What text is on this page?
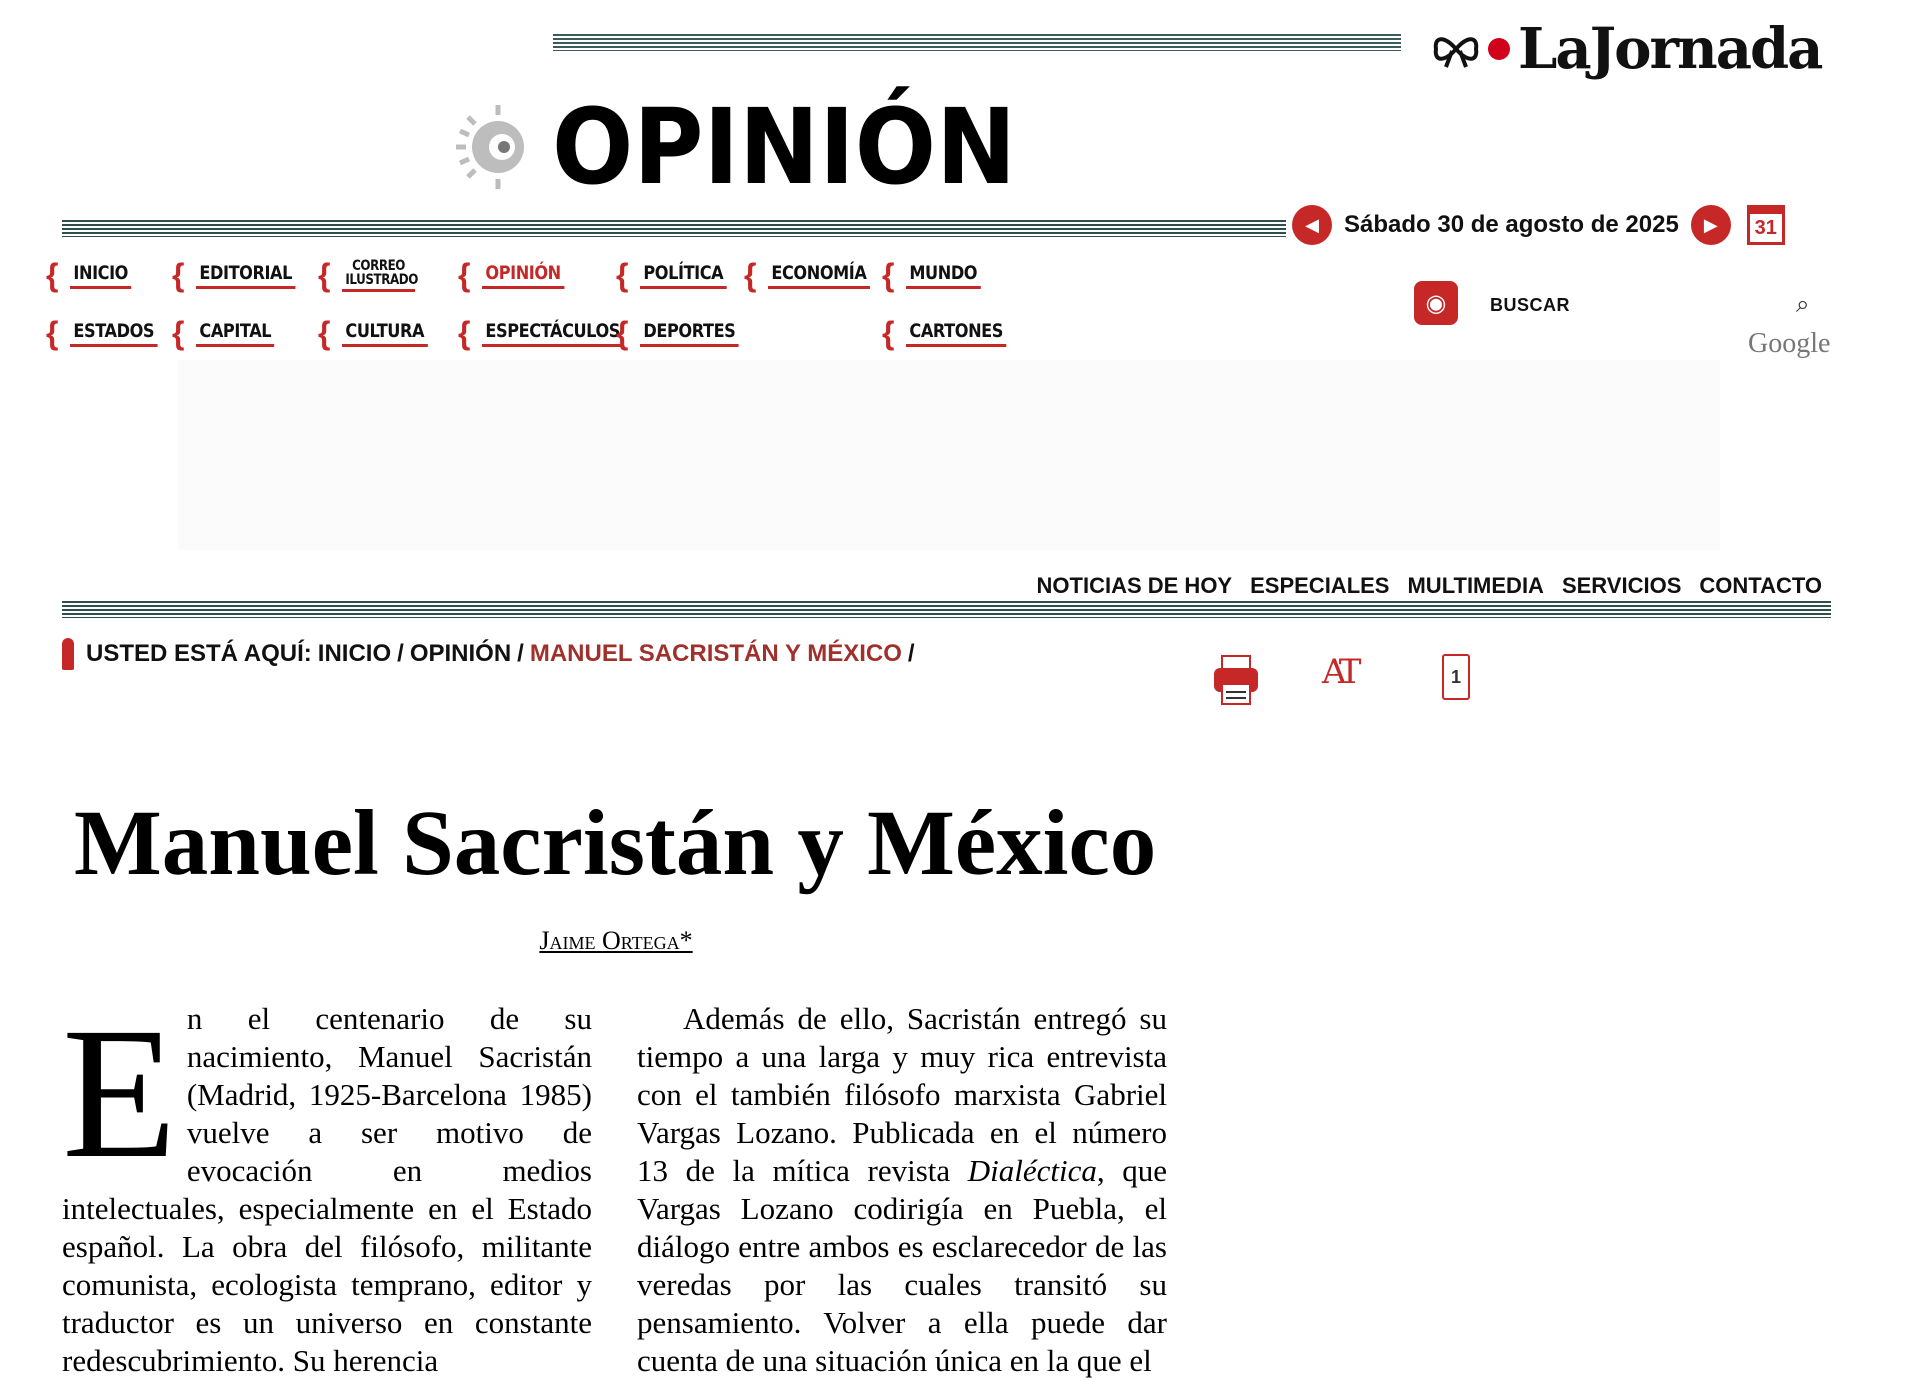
LaJornada
OPINIÓN
◀ Sábado 30 de agosto de 2025 ▶ 31
{ INICIO { EDITORIAL {	CORREO ILUSTRADO { OPINIÓN { POLÍTICA { ECONOMÍA { MUNDO
{ ESTADOS { CAPITAL { CULTURA { ESPECTÁCULOS
{ DEPORTES	{ CARTONES
◉ BUSCAR	⌕
Google
NOTICIAS DE HOY ESPECIALES MULTIMEDIA SERVICIOS CONTACTO
USTED ESTÁ AQUÍ: INICIO / OPINIÓN / MANUEL SACRISTÁN Y MÉXICO /	AT	1
Manuel Sacristán y México
Jaime Ortega*
E n el centenario de su nacimiento, Manuel Sacristán (Madrid, 1925-Barcelona 1985) vuelve a ser motivo de evocación en medios intelectuales, especialmente en el Estado español. La obra del filósofo, militante comunista, ecologista temprano, editor y traductor es un universo en constante redescubrimiento. Su herencia

Además de ello, Sacristán entregó su tiempo a una larga y muy rica entrevista con el también filósofo marxista Gabriel Vargas Lozano. Publicada en el número 13 de la mítica revista Dialéctica, que Vargas Lozano codirigía en Puebla, el diálogo entre ambos es esclarecedor de las veredas por las cuales transitó su pensamiento. Volver a ella puede dar cuenta de una situación única en la que el
